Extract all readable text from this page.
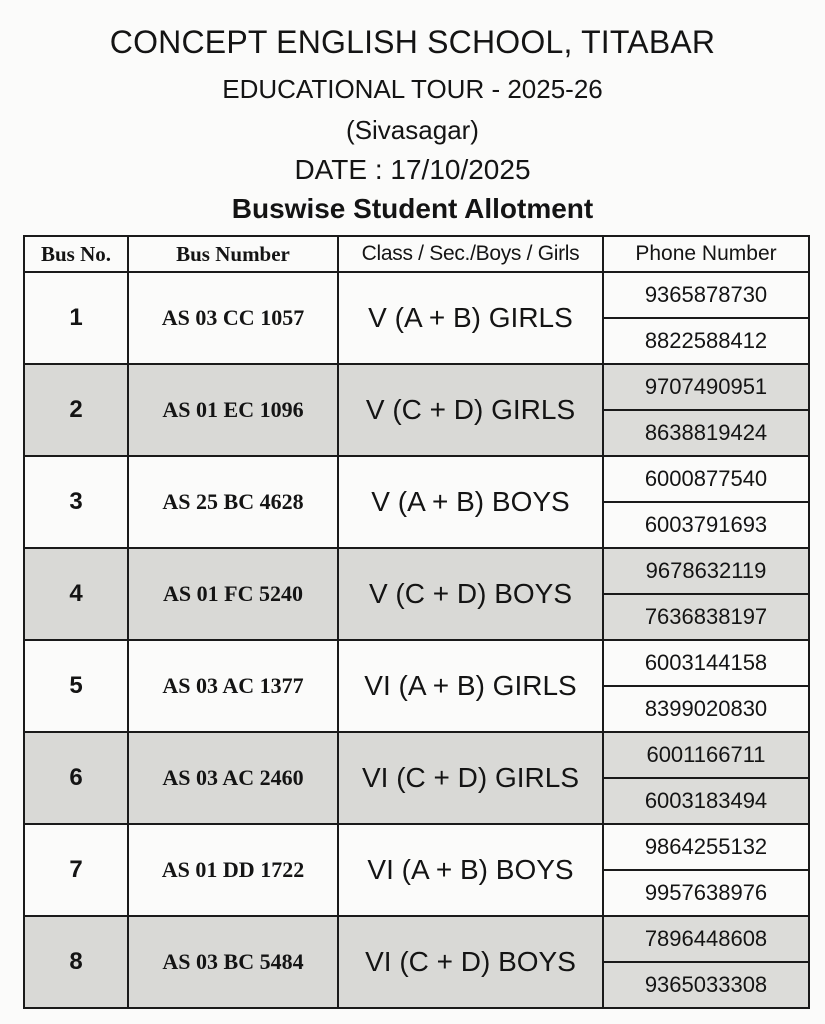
CONCEPT ENGLISH SCHOOL, TITABAR
EDUCATIONAL TOUR - 2025-26
(Sivasagar)
DATE : 17/10/2025
Buswise Student Allotment
Bus No.	Bus Number	Class / Sec./Boys / Girls	Phone Number
1	AS 03 CC 1057	V (A + B) GIRLS	9365878730
			8822588412
2	AS 01 EC 1096	V (C + D) GIRLS	9707490951
			8638819424
3	AS 25 BC 4628	V (A + B) BOYS	6000877540
			6003791693
4	AS 01 FC 5240	V (C + D) BOYS	9678632119
			7636838197
5	AS 03 AC 1377	VI (A + B) GIRLS	6003144158
			8399020830
6	AS 03 AC 2460	VI (C + D) GIRLS	6001166711
			6003183494
7	AS 01 DD 1722	VI (A + B) BOYS	9864255132
			9957638976
8	AS 03 BC 5484	VI (C + D) BOYS	7896448608
			9365033308
